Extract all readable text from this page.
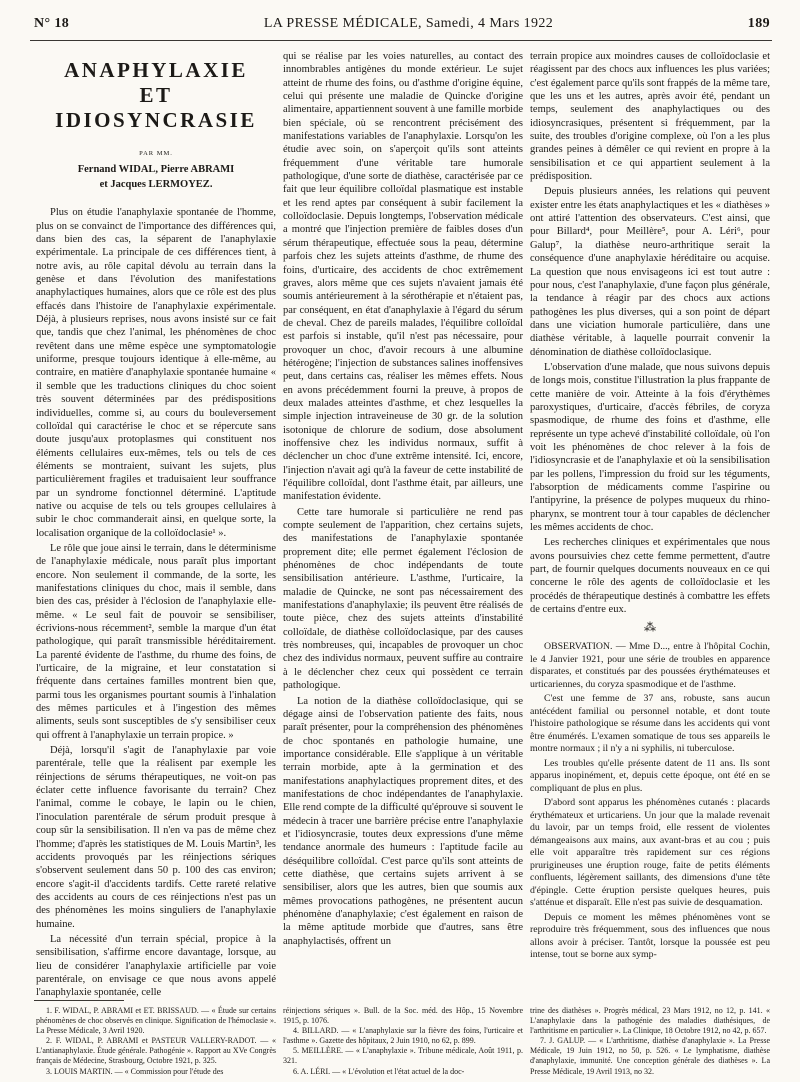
N° 18	LA PRESSE MÉDICALE, Samedi, 4 Mars 1922	189
ANAPHYLAXIE
ET IDIOSYNCRASIE
PAR MM.
Fernand WIDAL, Pierre ABRAMI
et Jacques LERMOYEZ.

Plus on étudie l'anaphylaxie spontanée de l'homme, plus on se convainct de l'importance des différences qui, dans bien des cas, la séparent de l'anaphylaxie expérimentale. La principale de ces différences tient, à notre avis, au rôle capital dévolu au terrain dans la genèse et dans l'évolution des manifestations anaphylactiques humaines, alors que ce rôle est des plus effacés dans l'histoire de l'anaphylaxie expérimentale. Déjà, à plusieurs reprises, nous avons insisté sur ce fait que, tandis que chez l'animal, les phénomènes de choc revêtent dans une même espèce une symptomatologie uniforme, presque toujours identique à elle-même, au contraire, en matière d'anaphylaxie spontanée humaine « il semble que les traductions cliniques du choc soient très souvent déterminées par des prédispositions individuelles, comme si, au cours du bouleversement colloïdal qui caractérise le choc et se répercute sans doute jusqu'aux protoplasmes qui constituent nos éléments cellulaires eux-mêmes, tels ou tels de ces éléments se montraient, suivant les sujets, plus particulièrement fragiles et traduisaient leur souffrance par un syndrome fonctionnel déterminé. L'aptitude native ou acquise de tels ou tels groupes cellulaires à subir le choc commanderait ainsi, en quelque sorte, la localisation organique de la colloïdoclasie¹ ».

Le rôle que joue ainsi le terrain, dans le déterminisme de l'anaphylaxie médicale, nous paraît plus important encore. Non seulement il commande, de la sorte, les manifestations cliniques du choc, mais il semble, dans bien des cas, présider à l'éclosion de l'anaphylaxie elle-même. « Le seul fait de pouvoir se sensibiliser, écrivions-nous récemment², semble la marque d'un état pathologique, qui paraît transmissible héréditairement. La parenté évidente de l'asthme, du rhume des foins, de l'urticaire, de la migraine, et leur constatation si fréquente dans certaines familles montrent bien que, parmi tous les organismes pourtant soumis à l'inhalation des mêmes particules et à l'ingestion des mêmes aliments, seuls sont susceptibles de s'y sensibiliser ceux qui offrent à l'anaphylaxie un terrain propice. »

Déjà, lorsqu'il s'agit de l'anaphylaxie par voie parentérale, telle que la réalisent par exemple les réinjections de sérums thérapeutiques, ne voit-on pas éclater cette influence favorisante du terrain? Chez l'animal, comme le cobaye, le lapin ou le chien, l'inoculation parentérale de sérum produit presque à coup sûr la sensibilisation. Il n'en va pas de même chez l'homme; d'après les statistiques de M. Louis Martin³, les accidents provoqués par les réinjections sériques s'observent seulement dans 50 p. 100 des cas environ; encore s'agit-il d'accidents tardifs. Cette rareté relative des accidents au cours de ces réinjections n'est pas un des phénomènes les moins singuliers de l'anaphylaxie humaine.

La nécessité d'un terrain spécial, propice à la sensibilisation, s'affirme encore davantage, lorsque, au lieu de considérer l'anaphylaxie artificielle par voie parentérale, on envisage ce que nous avons appelé l'anaphylaxie spontanée, celle

qui se réalise par les voies naturelles, au contact des innombrables antigènes du monde extérieur. Le sujet atteint de rhume des foins, ou d'asthme d'origine équine, celui qui présente une maladie de Quincke d'origine alimentaire, appartiennent souvent à une famille morbide bien spéciale, où se rencontrent précisément des manifestations variables de l'anaphylaxie. Lorsqu'on les étudie avec soin, on s'aperçoit qu'ils sont atteints fréquemment d'une véritable tare humorale pathologique, d'une sorte de diathèse, caractérisée par ce fait que leur équilibre colloïdal plasmatique est instable et les rend aptes par conséquent à subir facilement la colloïdoclasie. Depuis longtemps, l'observation médicale a montré que l'injection première de faibles doses d'un sérum thérapeutique, effectuée sous la peau, détermine parfois chez les sujets atteints d'asthme, de rhume des foins, d'urticaire, des accidents de choc extrêmement graves, alors même que ces sujets n'avaient jamais été soumis antérieurement à la sérothérapie et n'étaient pas, par conséquent, en état d'anaphylaxie à l'égard du sérum de cheval. Chez de pareils malades, l'équilibre colloïdal est parfois si instable, qu'il n'est pas nécessaire, pour provoquer un choc, d'avoir recours à une albumine hétérogène; l'injection de substances salines inoffensives peut, dans certains cas, réaliser les mêmes effets. Nous en avons précédemment fourni la preuve, à propos de deux malades atteintes d'asthme, et chez lesquelles la simple injection intraveineuse de 30 gr. de la solution isotonique de chlorure de sodium, dose absolument inoffensive chez les individus normaux, suffit à déclencher un choc d'une extrême intensité. Ici, encore, l'injection n'avait agi qu'à la faveur de cette instabilité de l'équilibre colloïdal, dont l'asthme était, par ailleurs, une manifestation évidente.

Cette tare humorale si particulière ne rend pas compte seulement de l'apparition, chez certains sujets, des manifestations de l'anaphylaxie spontanée proprement dite; elle permet également l'éclosion de phénomènes de choc indépendants de toute sensibilisation antérieure. L'asthme, l'urticaire, la maladie de Quincke, ne sont pas nécessairement des manifestations d'anaphylaxie; ils peuvent être réalisés de toute pièce, chez des sujets atteints d'instabilité colloïdale, de diathèse colloïdoclasique, par des causes très nombreuses, qui, incapables de provoquer un choc chez des individus normaux, peuvent suffire au contraire à le déclencher chez ceux qui possèdent ce terrain pathologique.

La notion de la diathèse colloïdoclasique, qui se dégage ainsi de l'observation patiente des faits, nous paraît présenter, pour la compréhension des phénomènes de choc spontanés en pathologie humaine, une importance considérable. Elle s'applique à un véritable terrain morbide, apte à la germination et des manifestations anaphylactiques proprement dites, et des manifestations de choc indépendantes de l'anaphylaxie. Elle rend compte de la difficulté qu'éprouve si souvent le médecin à tracer une barrière précise entre l'anaphylaxie et l'idiosyncrasie, toutes deux expressions d'une même tendance anormale des humeurs : l'aptitude facile au déséquilibre colloïdal. C'est parce qu'ils sont atteints de cette diathèse, que certains sujets arrivent à se sensibiliser, alors que les autres, bien que soumis aux mêmes provocations pathogènes, ne présentent aucun phénomène d'anaphylaxie; c'est également en raison de la même aptitude morbide que d'autres, sans être anaphylactisés, offrent un

terrain propice aux moindres causes de colloïdoclasie et réagissent par des chocs aux influences les plus variées; c'est également parce qu'ils sont frappés de la même tare, que les uns et les autres, après avoir été, pendant un temps, seulement des anaphylactiques ou des idiosyncrasiques, présentent si fréquemment, par la suite, des troubles d'origine complexe, où l'on a les plus grandes peines à démêler ce qui revient en propre à la sensibilisation et ce qui appartient seulement à la prédisposition.

Depuis plusieurs années, les relations qui peuvent exister entre les états anaphylactiques et les « diathèses » ont attiré l'attention des observateurs. C'est ainsi, que pour Billard⁴, pour Meillère⁵, pour A. Léri⁶, pour Galup⁷, la diathèse neuro-arthritique serait la conséquence d'une anaphylaxie héréditaire ou acquise. La question que nous envisageons ici est tout autre : pour nous, c'est l'anaphylaxie, d'une façon plus générale, la tendance à réagir par des chocs aux actions pathogènes les plus diverses, qui a son point de départ dans une viciation humorale particulière, dans une diathèse véritable, à laquelle pourrait convenir la dénomination de diathèse colloïdoclasique.

L'observation d'une malade, que nous suivons depuis de longs mois, constitue l'illustration la plus frappante de cette manière de voir. Atteinte à la fois d'érythèmes paroxystiques, d'urticaire, d'accès fébriles, de coryza spasmodique, de rhume des foins et d'asthme, elle représente un type achevé d'instabilité colloïdale, où l'on voit les phénomènes de choc relever à la fois de l'idiosyncrasie et de l'anaphylaxie et où la sensibilisation par les pollens, l'impression du froid sur les téguments, l'absorption de médicaments comme l'aspirine ou l'antipyrine, la présence de polypes muqueux du rhino-pharynx, se montrent tour à tour capables de déclencher les mêmes accidents de choc.

Les recherches cliniques et expérimentales que nous avons poursuivies chez cette femme permettent, d'autre part, de fournir quelques documents nouveaux en ce qui concerne le rôle des agents de colloïdoclasie et les procédés de thérapeutique destinés à combattre les effets de certains d'entre eux.

⁂

OBSERVATION. — Mme D..., entre à l'hôpital Cochin, le 4 Janvier 1921, pour une série de troubles en apparence disparates, et constitués par des poussées érythémateuses et urticariennes, du coryza spasmodique et de l'asthme.

C'est une femme de 37 ans, robuste, sans aucun antécédent familial ou personnel notable, et dont toute l'histoire pathologique se résume dans les accidents qui vont être énumérés. L'examen somatique de tous ses appareils le montre normaux ; il n'y a ni syphilis, ni tuberculose.

Les troubles qu'elle présente datent de 11 ans. Ils sont apparus inopinément, et, depuis cette époque, ont été en se compliquant de plus en plus.

D'abord sont apparus les phénomènes cutanés : placards érythémateux et urticariens. Un jour que la malade revenait du lavoir, par un temps froid, elle ressent de violentes démangeaisons aux mains, aux avant-bras et au cou ; puis elle voit apparaître très rapidement sur ces régions prurigineuses une éruption rouge, faite de petits éléments confluents, légèrement saillants, des dimensions d'une tête d'épingle. Cette éruption persiste quelques heures, puis s'atténue et disparaît. Elle n'est pas suivie de desquamation.

Depuis ce moment les mêmes phénomènes vont se reproduire très fréquemment, sous des influences que nous allons avoir à préciser. Tantôt, lorsque la poussée est peu intense, tout se borne aux symp-

1. F. WIDAL, P. ABRAMI et ET. BRISSAUD. — « Étude sur certains phénomènes de choc observés en clinique. Signification de l'hémoclasie ». La Presse Médicale, 3 Avril 1920.

2. F. WIDAL, P. ABRAMI et PASTEUR VALLERY-RADOT. — « L'antianaphylaxie. Étude générale. Pathogénie ». Rapport au XVe Congrès français de Médecine, Strasbourg, Octobre 1921, p. 325.

3. LOUIS MARTIN. — « Commission pour l'étude des

réinjections sériques ». Bull. de la Soc. méd. des Hôp., 15 Novembre 1915, p. 1076.

4. BILLARD. — « L'anaphylaxie sur la fièvre des foins, l'urticaire et l'asthme ». Gazette des hôpitaux, 2 Juin 1910, no 62, p. 899.

5. MEILLÈRE. — « L'anaphylaxie ». Tribune médicale, Août 1911, p. 321.

6. A. LÉRI. — « L'évolution et l'état actuel de la doc-

trine des diathèses ». Progrès médical, 23 Mars 1912, no 12, p. 141. « L'anaphylaxie dans la pathogénie des maladies diathésiques, de l'arthritisme en particulier ». La Clinique, 18 Octobre 1912, no 42, p. 657.

7. J. GALUP. — « L'arthritisme, diathèse d'anaphylaxie ». La Presse Médicale, 19 Juin 1912, no 50, p. 526. « Le lymphatisme, diathèse d'anaphylaxie, immunité. Une conception générale des diathèses ». La Presse Médicale, 19 Avril 1913, no 32.
